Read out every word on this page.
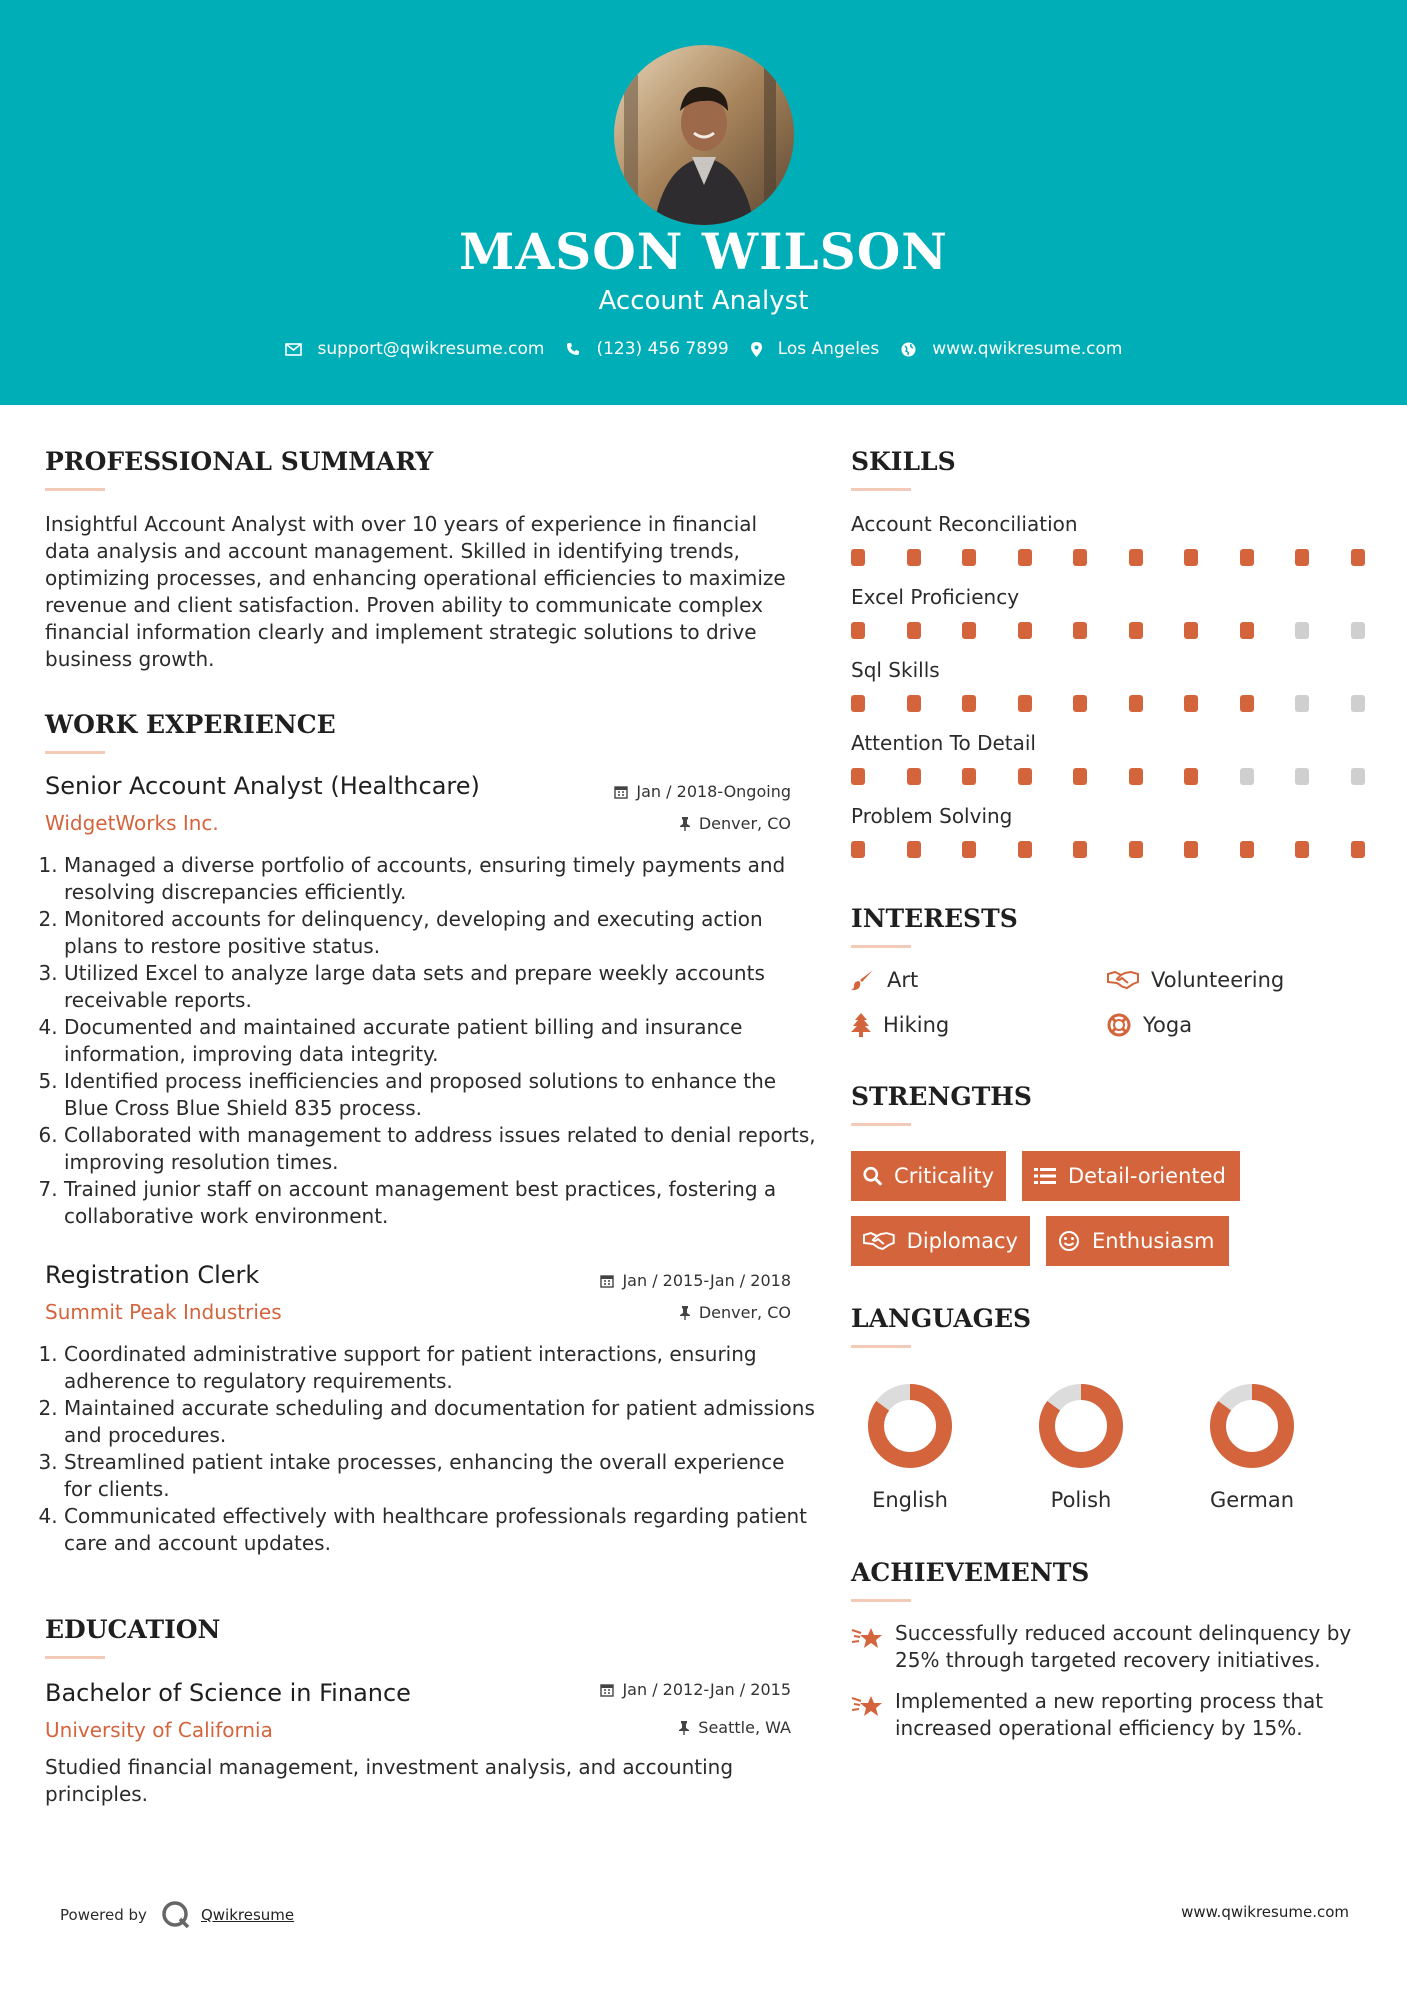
MASON WILSON
Account Analyst
support@qwikresume.com	(123) 456 7899	Los Angeles	www.qwikresume.com
PROFESSIONAL SUMMARY
Insightful Account Analyst with over 10 years of experience in financial data analysis and account management. Skilled in identifying trends, optimizing processes, and enhancing operational efficiencies to maximize revenue and client satisfaction. Proven ability to communicate complex financial information clearly and implement strategic solutions to drive business growth.
WORK EXPERIENCE
Senior Account Analyst (Healthcare)	Jan / 2018-Ongoing
WidgetWorks Inc.	Denver, CO
1. Managed a diverse portfolio of accounts, ensuring timely payments and resolving discrepancies efficiently.
2. Monitored accounts for delinquency, developing and executing action plans to restore positive status.
3. Utilized Excel to analyze large data sets and prepare weekly accounts receivable reports.
4. Documented and maintained accurate patient billing and insurance information, improving data integrity.
5. Identified process inefficiencies and proposed solutions to enhance the Blue Cross Blue Shield 835 process.
6. Collaborated with management to address issues related to denial reports, improving resolution times.
7. Trained junior staff on account management best practices, fostering a collaborative work environment.
Registration Clerk	Jan / 2015-Jan / 2018
Summit Peak Industries	Denver, CO
1. Coordinated administrative support for patient interactions, ensuring adherence to regulatory requirements.
2. Maintained accurate scheduling and documentation for patient admissions and procedures.
3. Streamlined patient intake processes, enhancing the overall experience for clients.
4. Communicated effectively with healthcare professionals regarding patient care and account updates.
EDUCATION
Bachelor of Science in Finance	Jan / 2012-Jan / 2015
University of California	Seattle, WA
Studied financial management, investment analysis, and accounting principles.
SKILLS
Account Reconciliation
Excel Proficiency
Sql Skills
Attention To Detail
Problem Solving
INTERESTS
Art	Volunteering
Hiking	Yoga
STRENGTHS
Criticality	Detail-oriented
Diplomacy	Enthusiasm
LANGUAGES
English	Polish	German
ACHIEVEMENTS
Successfully reduced account delinquency by 25% through targeted recovery initiatives.
Implemented a new reporting process that increased operational efficiency by 15%.
Powered by	Qwikresume	www.qwikresume.com
